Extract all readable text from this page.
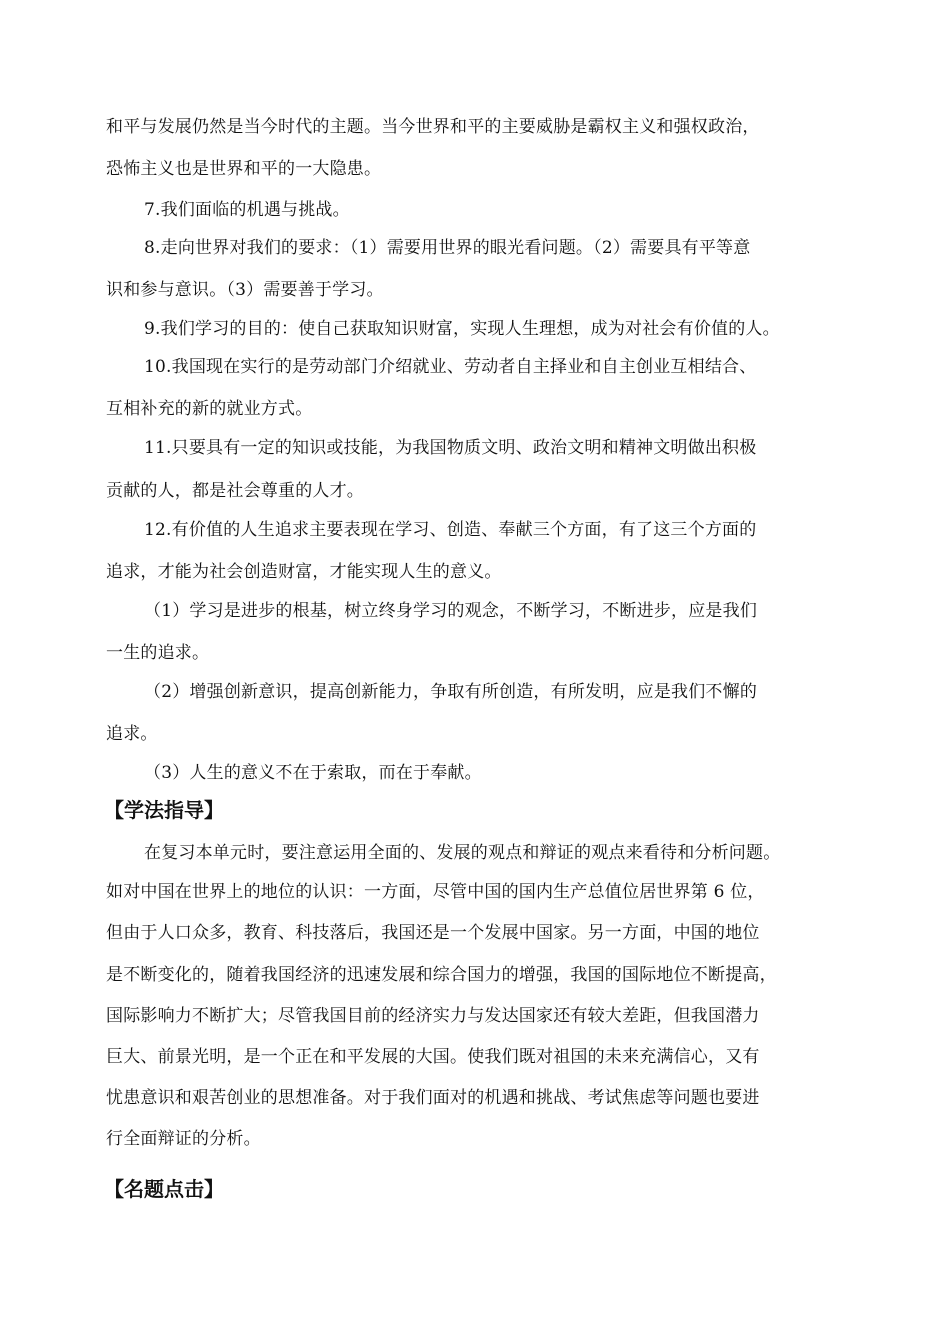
和平与发展仍然是当今时代的主题。当今世界和平的主要威胁是霸权主义和强权政治，
恐怖主义也是世界和平的一大隐患。
7.我们面临的机遇与挑战。
8.走向世界对我们的要求：（1）需要用世界的眼光看问题。（2）需要具有平等意
识和参与意识。（3）需要善于学习。
9.我们学习的目的：使自己获取知识财富，实现人生理想，成为对社会有价值的人。
10.我国现在实行的是劳动部门介绍就业、劳动者自主择业和自主创业互相结合、
互相补充的新的就业方式。
11.只要具有一定的知识或技能，为我国物质文明、政治文明和精神文明做出积极
贡献的人，都是社会尊重的人才。
12.有价值的人生追求主要表现在学习、创造、奉献三个方面，有了这三个方面的
追求，才能为社会创造财富，才能实现人生的意义。
（1）学习是进步的根基，树立终身学习的观念，不断学习，不断进步，应是我们
一生的追求。
（2）增强创新意识，提高创新能力，争取有所创造，有所发明，应是我们不懈的
追求。
（3）人生的意义不在于索取，而在于奉献。
【学法指导】
在复习本单元时，要注意运用全面的、发展的观点和辩证的观点来看待和分析问题。
如对中国在世界上的地位的认识：一方面，尽管中国的国内生产总值位居世界第 6 位，
但由于人口众多，教育、科技落后，我国还是一个发展中国家。另一方面，中国的地位
是不断变化的，随着我国经济的迅速发展和综合国力的增强，我国的国际地位不断提高，
国际影响力不断扩大；尽管我国目前的经济实力与发达国家还有较大差距，但我国潜力
巨大、前景光明，是一个正在和平发展的大国。使我们既对祖国的未来充满信心，又有
忧患意识和艰苦创业的思想准备。对于我们面对的机遇和挑战、考试焦虑等问题也要进
行全面辩证的分析。
【名题点击】
